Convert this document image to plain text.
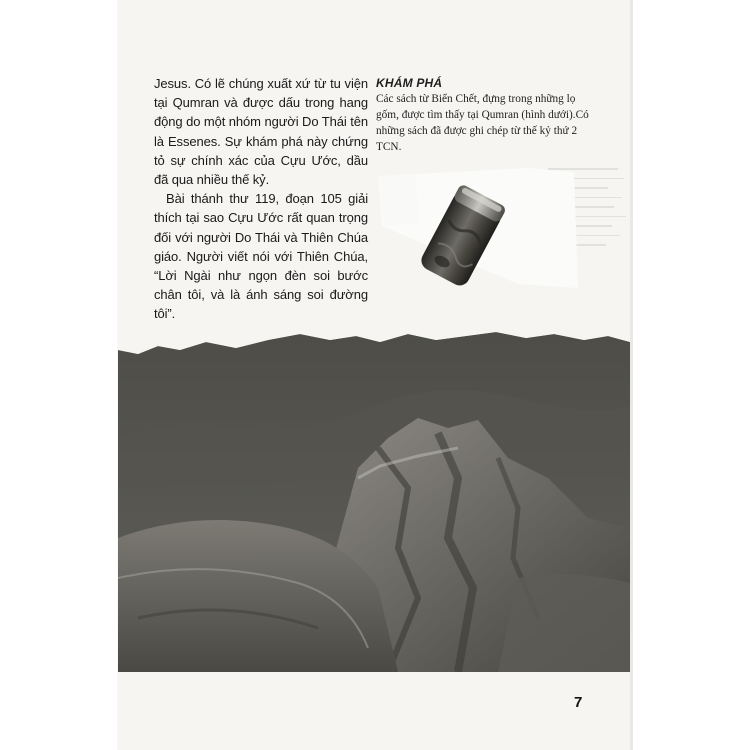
Jesus. Có lẽ chúng xuất xứ từ tu viện tại Qumran và được dấu trong hang động do một nhóm người Do Thái tên là Essenes. Sự khám phá này chứng tỏ sự chính xác của Cựu Ước, dầu đã qua nhiều thế kỷ.

Bài thánh thư 119, đoạn 105 giải thích tại sao Cựu Ước rất quan trọng đối với người Do Thái và Thiên Chúa giáo. Người viết nói với Thiên Chúa, “Lời Ngài như ngọn đèn soi bước chân tôi, và là ánh sáng soi đường tôi”.

KHÁM PHÁ

Các sách từ Biển Chết, đựng trong những lọ gốm, được tìm thấy tại Qumran (hình dưới).Có những sách đã được ghi chép từ thế kỷ thứ 2 TCN.

7
